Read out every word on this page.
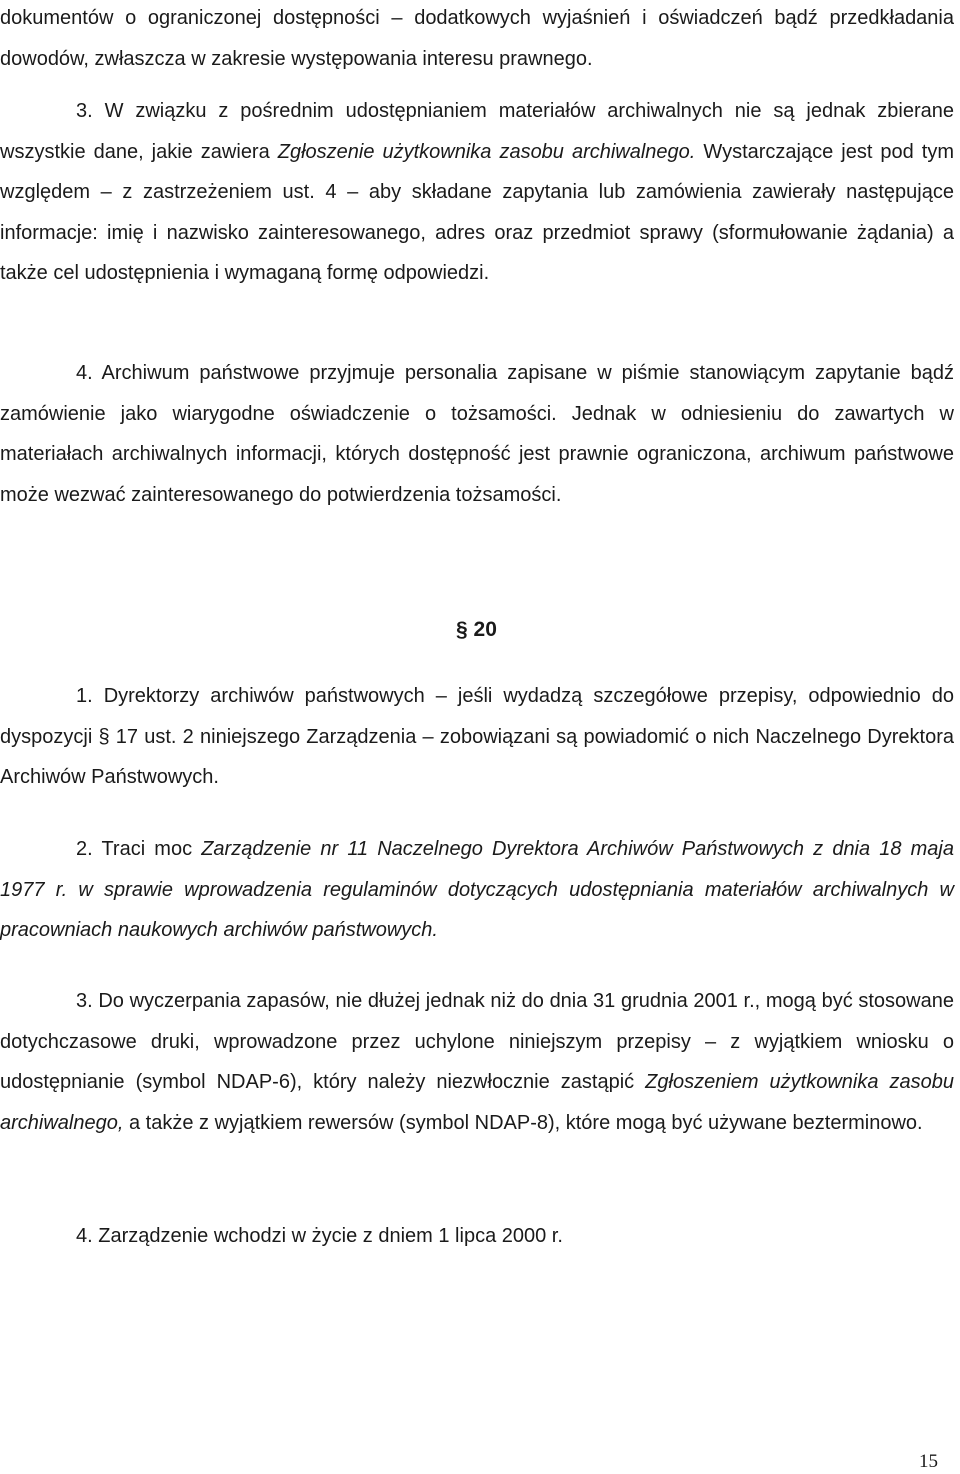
dokumentów o ograniczonej dostępności – dodatkowych wyjaśnień i oświadczeń bądź przedkładania dowodów, zwłaszcza w zakresie występowania interesu prawnego.

3. W związku z pośrednim udostępnianiem materiałów archiwalnych nie są jednak zbierane wszystkie dane, jakie zawiera Zgłoszenie użytkownika zasobu archiwalnego. Wystarczające jest pod tym względem – z zastrzeżeniem ust. 4 – aby składane zapytania lub zamówienia zawierały następujące informacje: imię i nazwisko zainteresowanego, adres oraz przedmiot sprawy (sformułowanie żądania) a także cel udostępnienia i wymaganą formę odpowiedzi.

4. Archiwum państwowe przyjmuje personalia zapisane w piśmie stanowiącym zapytanie bądź zamówienie jako wiarygodne oświadczenie o tożsamości. Jednak w odniesieniu do zawartych w materiałach archiwalnych informacji, których dostępność jest prawnie ograniczona, archiwum państwowe może wezwać zainteresowanego do potwierdzenia tożsamości.

§ 20

1. Dyrektorzy archiwów państwowych – jeśli wydadzą szczegółowe przepisy, odpowiednio do dyspozycji § 17 ust. 2 niniejszego Zarządzenia – zobowiązani są powiadomić o nich Naczelnego Dyrektora Archiwów Państwowych.

2. Traci moc Zarządzenie nr 11 Naczelnego Dyrektora Archiwów Państwowych z dnia 18 maja 1977 r. w sprawie wprowadzenia regulaminów dotyczących udostępniania materiałów archiwalnych w pracowniach naukowych archiwów państwowych.

3. Do wyczerpania zapasów, nie dłużej jednak niż do dnia 31 grudnia 2001 r., mogą być stosowane dotychczasowe druki, wprowadzone przez uchylone niniejszym przepisy – z wyjątkiem wniosku o udostępnianie (symbol NDAP-6), który należy niezwłocznie zastąpić Zgłoszeniem użytkownika zasobu archiwalnego, a także z wyjątkiem rewersów (symbol NDAP-8), które mogą być używane bezterminowo.

4. Zarządzenie wchodzi w życie z dniem 1 lipca 2000 r.

15
